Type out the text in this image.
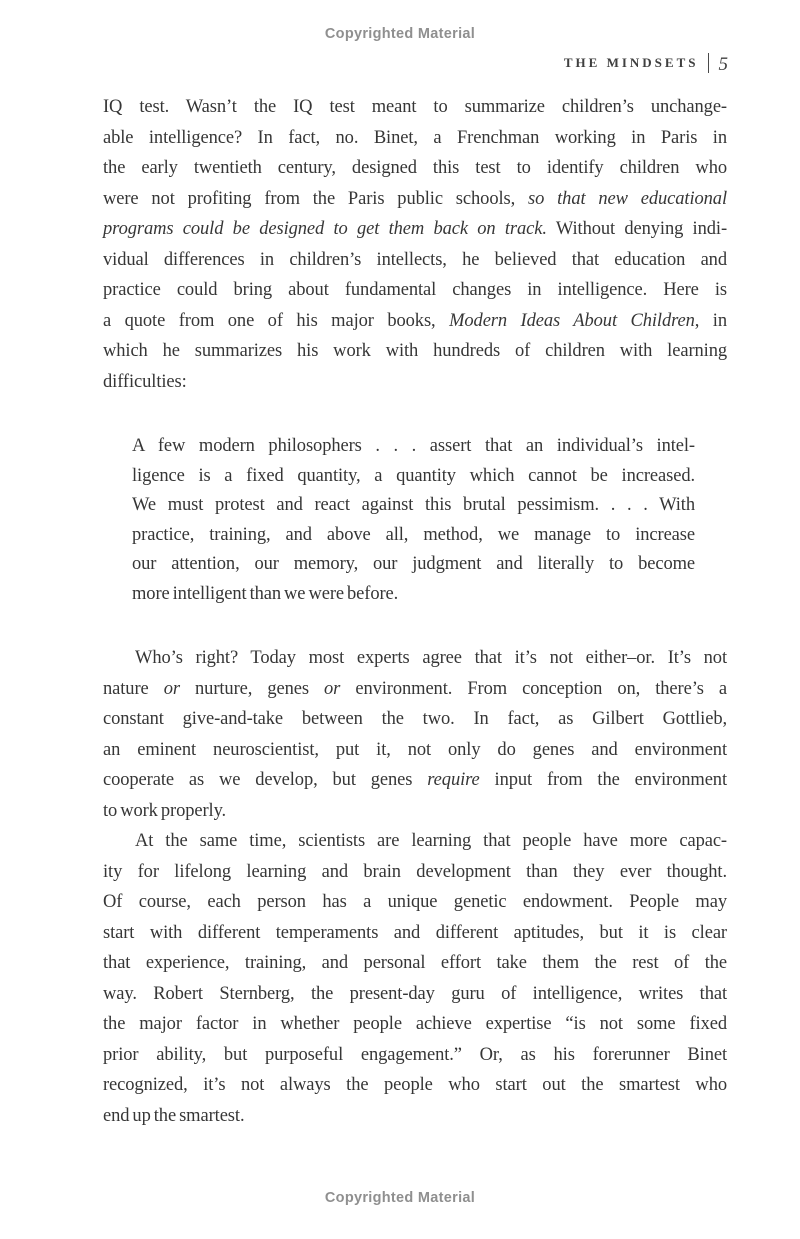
Copyrighted Material
THE MINDSETS 5
IQ test. Wasn’t the IQ test meant to summarize children’s unchange-
able intelligence? In fact, no. Binet, a Frenchman working in Paris in
the early twentieth century, designed this test to identify children who
were not profiting from the Paris public schools, so that new educational
programs could be designed to get them back on track. Without denying indi-
vidual differences in children’s intellects, he believed that education and
practice could bring about fundamental changes in intelligence. Here is
a quote from one of his major books, Modern Ideas About Children, in
which he summarizes his work with hundreds of children with learning
difficulties:
A few modern philosophers . . . assert that an individual’s intel-
ligence is a fixed quantity, a quantity which cannot be increased.
We must protest and react against this brutal pessimism. . . . With
practice, training, and above all, method, we manage to increase
our attention, our memory, our judgment and literally to become
more intelligent than we were before.
Who’s right? Today most experts agree that it’s not either–or. It’s not
nature or nurture, genes or environment. From conception on, there’s a
constant give-and-take between the two. In fact, as Gilbert Gottlieb,
an eminent neuroscientist, put it, not only do genes and environment
cooperate as we develop, but genes require input from the environment
to work properly.
At the same time, scientists are learning that people have more capac-
ity for lifelong learning and brain development than they ever thought.
Of course, each person has a unique genetic endowment. People may
start with different temperaments and different aptitudes, but it is clear
that experience, training, and personal effort take them the rest of the
way. Robert Sternberg, the present-day guru of intelligence, writes that
the major factor in whether people achieve expertise “is not some fixed
prior ability, but purposeful engagement.” Or, as his forerunner Binet
recognized, it’s not always the people who start out the smartest who
end up the smartest.
Copyrighted Material
